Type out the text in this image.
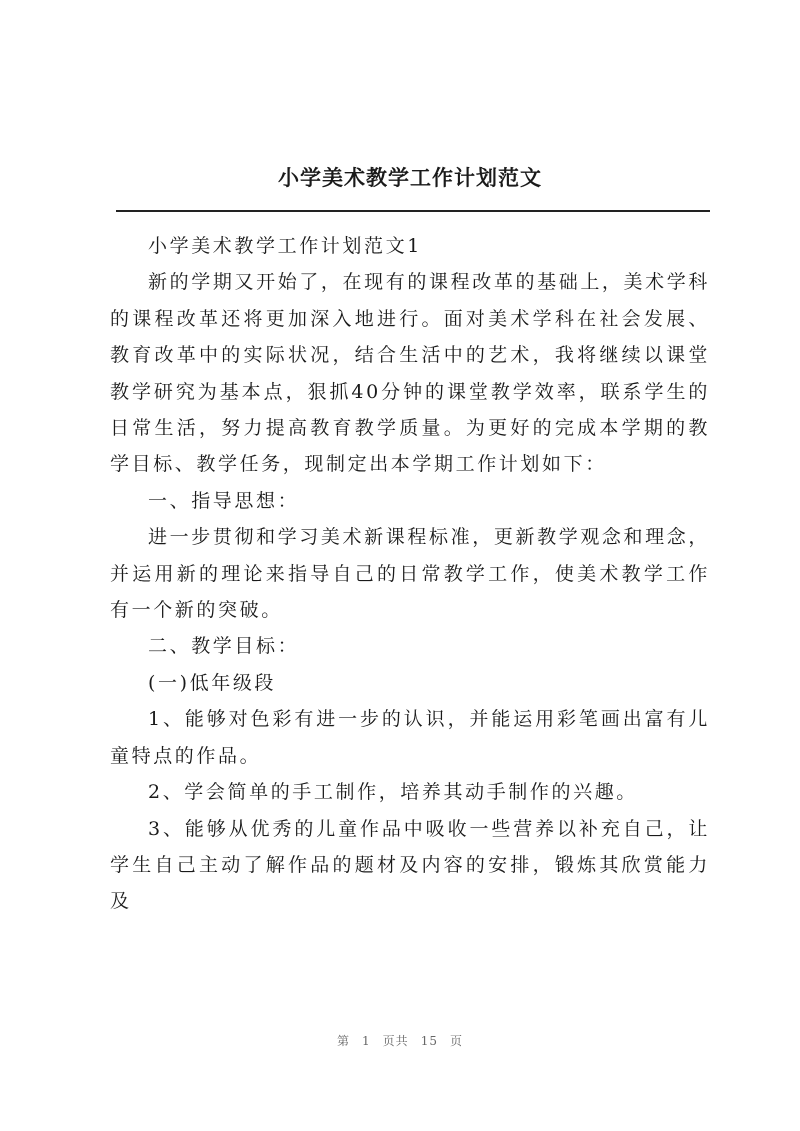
小学美术教学工作计划范文

小学美术教学工作计划范文1

新的学期又开始了，在现有的课程改革的基础上，美术学科的课程改革还将更加深入地进行。面对美术学科在社会发展、教育改革中的实际状况，结合生活中的艺术，我将继续以课堂教学研究为基本点，狠抓40分钟的课堂教学效率，联系学生的日常生活，努力提高教育教学质量。为更好的完成本学期的教学目标、教学任务，现制定出本学期工作计划如下：

一、指导思想：

进一步贯彻和学习美术新课程标准，更新教学观念和理念，并运用新的理论来指导自己的日常教学工作，使美术教学工作有一个新的突破。

二、教学目标：

(一)低年级段

1、能够对色彩有进一步的认识，并能运用彩笔画出富有儿童特点的作品。

2、学会简单的手工制作，培养其动手制作的兴趣。

3、能够从优秀的儿童作品中吸收一些营养以补充自己，让学生自己主动了解作品的题材及内容的安排，锻炼其欣赏能力及

第 1 页共 15 页
